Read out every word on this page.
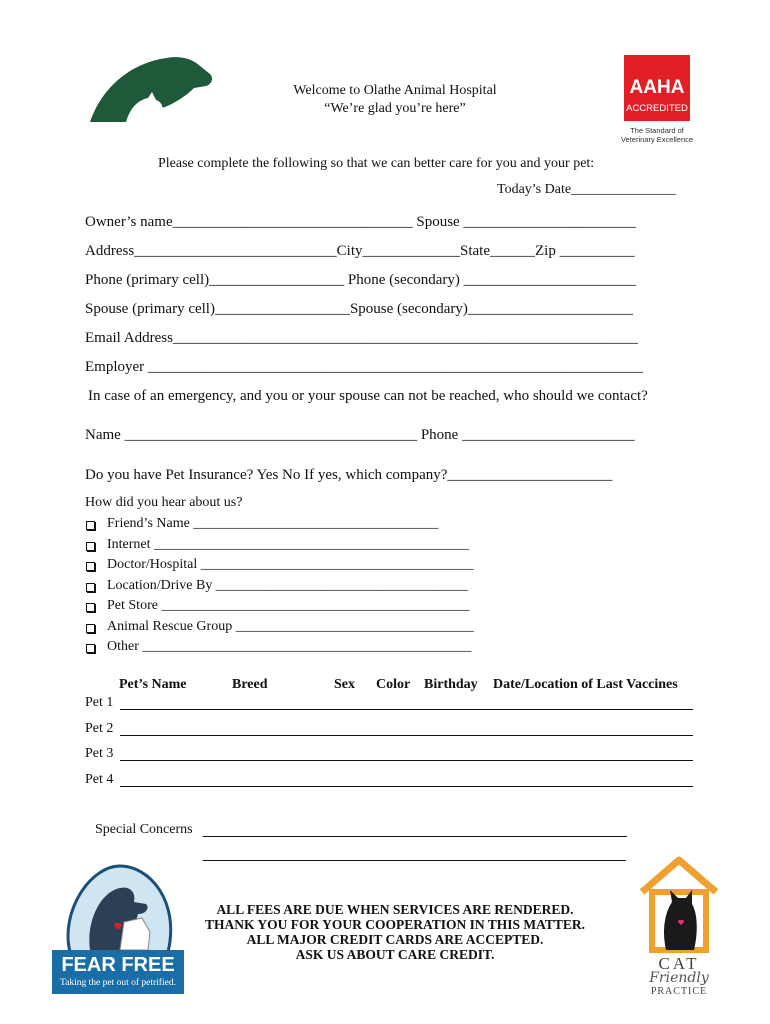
Welcome to Olathe Animal Hospital
“We’re glad you’re here”
AAHA
ACCREDITED
The Standard of
Veterinary Excellence
Please complete the following so that we can better care for you and your pet:
Today’s Date_______________
Owner’s name________________________________ Spouse _______________________
Address___________________________City_____________State______Zip __________
Phone (primary cell)__________________ Phone (secondary) _______________________
Spouse (primary cell)__________________Spouse (secondary)______________________
Email Address______________________________________________________________
Employer __________________________________________________________________
In case of an emergency, and you or your spouse can not be reached, who should we contact?
Name _______________________________________ Phone _______________________
Do you have Pet Insurance? Yes No If yes, which company?______________________
How did you hear about us?
Friend’s Name ___________________________________
Internet _____________________________________________
Doctor/Hospital _______________________________________
Location/Drive By ____________________________________
Pet Store ____________________________________________
Animal Rescue Group __________________________________
Other _______________________________________________
Pet’s Name	Breed	Sex Color Birthday Date/Location of Last Vaccines
Pet 1
Pet 2
Pet 3
Pet 4
Special Concerns
FEAR FREE
Taking the pet out of petrified.
ALL FEES ARE DUE WHEN SERVICES ARE RENDERED.
THANK YOU FOR YOUR COOPERATION IN THIS MATTER.
ALL MAJOR CREDIT CARDS ARE ACCEPTED.
ASK US ABOUT CARE CREDIT.	CAT
Friendly
PRACTICE
